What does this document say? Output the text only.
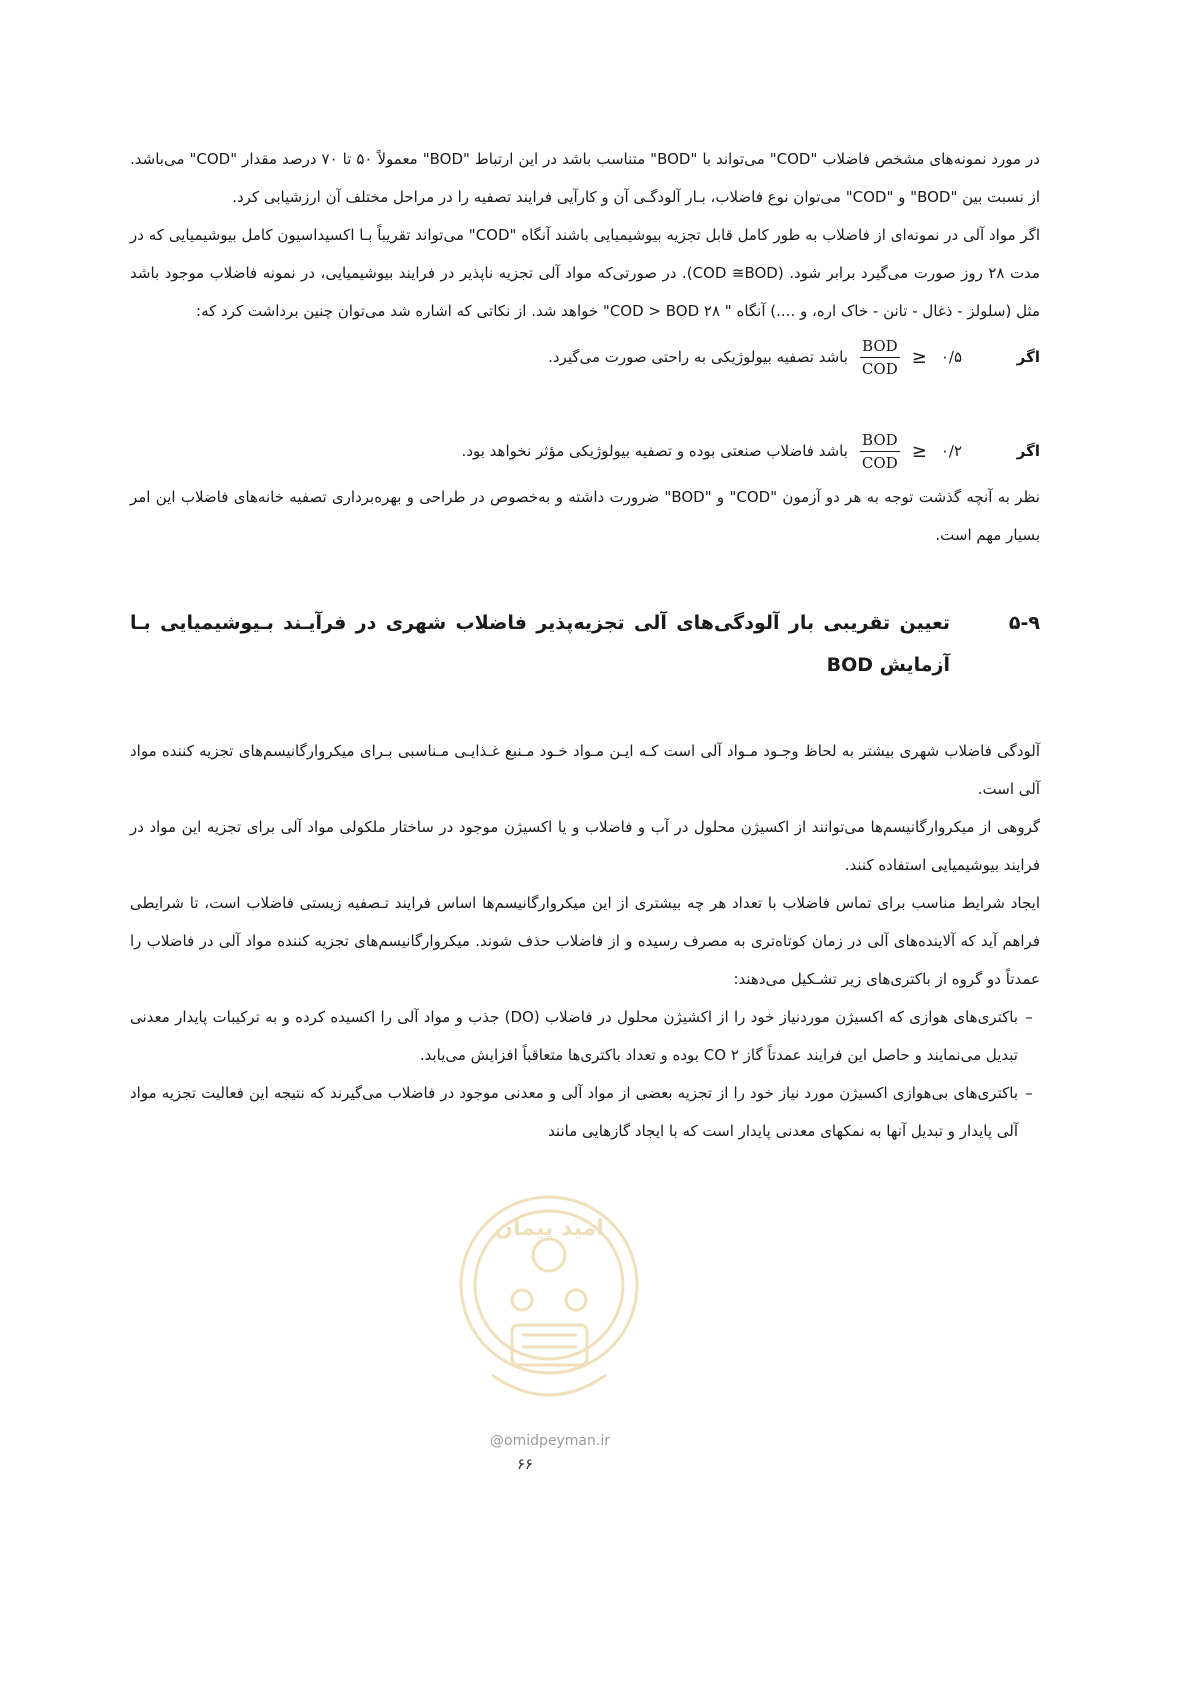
در مورد نمونه‌های مشخص فاضلاب "COD" می‌تواند با "BOD" متناسب باشد در این ارتباط "BOD" معمولاً ۵۰ تا ۷۰ درصد مقدار "COD" می‌باشد. از نسبت بین "BOD" و "COD" می‌توان نوع فاضلاب، بـار آلودگـی آن و کارآیی فرایند تصفیه را در مراحل مختلف آن ارزشیابی کرد.

اگر مواد آلی در نمونه‌ای از فاضلاب به طور کامل قابل تجزیه بیوشیمیایی باشند آنگاه "COD" می‌تواند تقریباً بـا اکسیداسیون کامل بیوشیمیایی که در مدت ۲۸ روز صورت می‌گیرد برابر شود. (COD ≅BOD). در صورتی‌که مواد آلی تجزیه ناپذیر در فرایند بیوشیمیایی، در نمونه فاضلاب موجود باشد مثل (سلولز - ذغال - تانن - خاک اره، و ....) آنگاه " COD > BOD ۲۸" خواهد شد. از نکاتی که اشاره شد می‌توان چنین برداشت کرد که:

اگر
۰/۵
≤
$\frac{\text{BOD}}{\text{COD}}$
باشد تصفیه بیولوژیکی به راحتی صورت می‌گیرد.
اگر
۰/۲
≤
$\frac{\text{BOD}}{\text{COD}}$
باشد فاضلاب صنعتی بوده و تصفیه بیولوژیکی مؤثر نخواهد بود.

نظر به آنچه گذشت توجه به هر دو آزمون "COD" و "BOD" ضرورت داشته و به‌خصوص در طراحی و بهره‌برداری تصفیه خانه‌های فاضلاب این امر بسیار مهم است.

۵-۹
تعیین تقریبی بار آلودگی‌های آلی تجزیه‌پذیر فاضلاب شهری در فرآیـند بـیوشیمیایی بـا آزمایش BOD

آلودگی فاضلاب شهری بیشتر به لحاظ وجـود مـواد آلی است کـه ایـن مـواد خـود مـنبع غـذایـی مـناسبی بـرای میکروارگانیسم‌های تجزیه کننده مواد آلی است.

گروهی از میکروارگانیسم‌ها می‌توانند از اکسیژن محلول در آب و فاضلاب و یا اکسیژن موجود در ساختار ملکولی مواد آلی برای تجزیه این مواد در فرایند بیوشیمیایی استفاده کنند.

ایجاد شرایط مناسب برای تماس فاضلاب با تعداد هر چه بیشتری از این میکروارگانیسم‌ها اساس فرایند تـصفیه زیستی فاضلاب است، تا شرایطی فراهم آید که آلاینده‌های آلی در زمان کوتاه‌تری به مصرف رسیده و از فاضلاب حذف شوند. میکروارگانیسم‌های تجزیه کننده مواد آلی در فاضلاب را عمدتاً دو گروه از باکتری‌های زیر تشـکیل می‌دهند:

–
باکتری‌های هوازی که اکسیژن موردنیاز خود را از اکشیژن محلول در فاضلاب (DO) جذب و مواد آلی را اکسیده کرده و به ترکیبات پایدار معدنی تبدیل می‌نمایند و حاصل این فرایند عمدتاً گاز CO ۲ بوده و تعداد باکتری‌ها متعاقباً افزایش می‌یابد.
–
باکتری‌های بی‌هوازی اکسیژن مورد نیاز خود را از تجزیه بعضی از مواد آلی و معدنی موجود در فاضلاب می‌گیرند که نتیجه این فعالیت تجزیه مواد آلی پایدار و تبدیل آنها به نمکهای معدنی پایدار است که با ایجاد گازهایی مانند
امید پیمان
@omidpeyman.ir
۶۶
